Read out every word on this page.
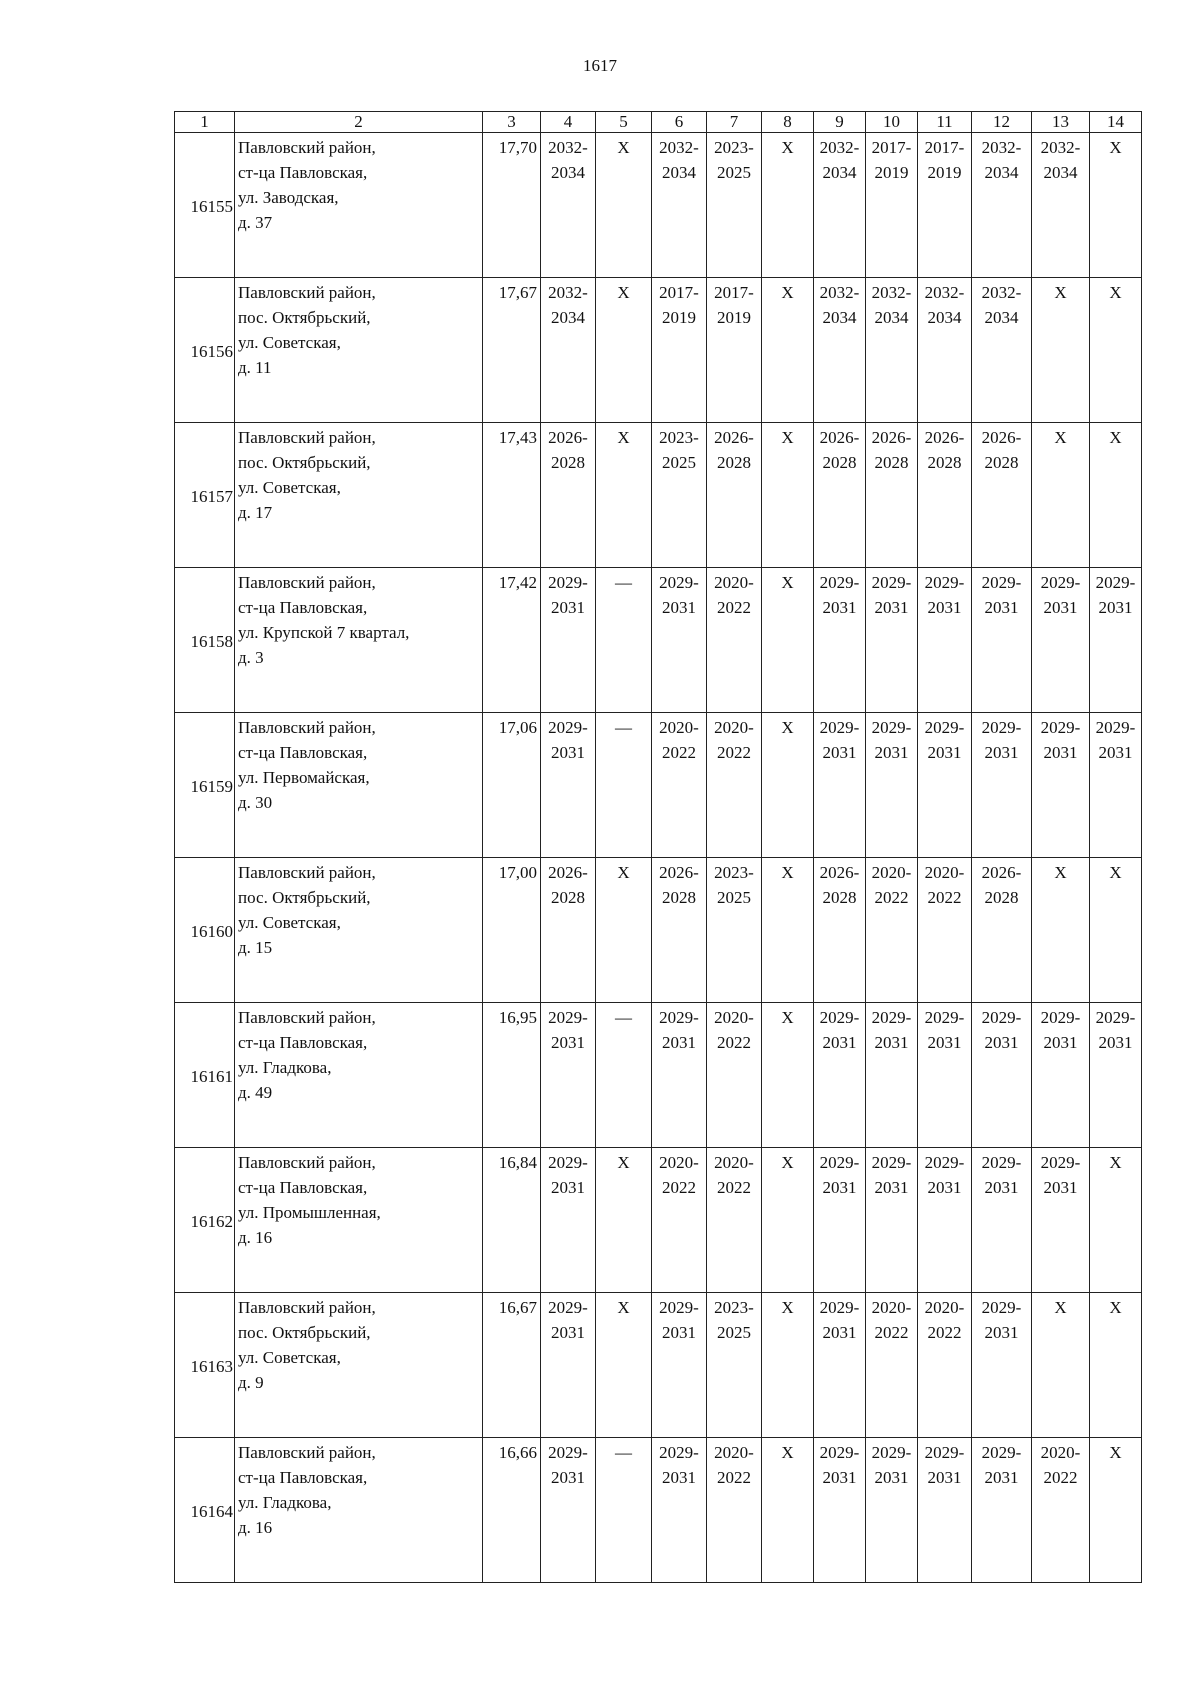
1617
1	2	3	4	5	6	7	8	9	10	11	12	13	14
16155	Павловский район,
ст-ца Павловская,
ул. Заводская,
д. 37	17,70	2032-
2034	Х	2032-
2034	2023-
2025	Х	2032-
2034	2017-
2019	2017-
2019	2032-
2034	2032-
2034	Х

16156	Павловский район,
пос. Октябрьский,
ул. Советская,
д. 11	17,67	2032-
2034	Х	2017-
2019	2017-
2019	Х	2032-
2034	2032-
2034	2032-
2034	2032-
2034	Х	Х

16157	Павловский район,
пос. Октябрьский,
ул. Советская,
д. 17	17,43	2026-
2028	Х	2023-
2025	2026-
2028	Х	2026-
2028	2026-
2028	2026-
2028	2026-
2028	Х	Х

16158	Павловский район,
ст-ца Павловская,
ул. Крупской 7 квартал,
д. 3	17,42	2029-
2031	—	2029-
2031	2020-
2022	Х	2029-
2031	2029-
2031	2029-
2031	2029-
2031	2029-
2031	2029-
2031

16159	Павловский район,
ст-ца Павловская,
ул. Первомайская,
д. 30	17,06	2029-
2031	—	2020-
2022	2020-
2022	Х	2029-
2031	2029-
2031	2029-
2031	2029-
2031	2029-
2031	2029-
2031

16160	Павловский район,
пос. Октябрьский,
ул. Советская,
д. 15	17,00	2026-
2028	Х	2026-
2028	2023-
2025	Х	2026-
2028	2020-
2022	2020-
2022	2026-
2028	Х	Х

16161	Павловский район,
ст-ца Павловская,
ул. Гладкова,
д. 49	16,95	2029-
2031	—	2029-
2031	2020-
2022	Х	2029-
2031	2029-
2031	2029-
2031	2029-
2031	2029-
2031	2029-
2031

16162	Павловский район,
ст-ца Павловская,
ул. Промышленная,
д. 16	16,84	2029-
2031	Х	2020-
2022	2020-
2022	Х	2029-
2031	2029-
2031	2029-
2031	2029-
2031	2029-
2031	Х

16163	Павловский район,
пос. Октябрьский,
ул. Советская,
д. 9	16,67	2029-
2031	Х	2029-
2031	2023-
2025	Х	2029-
2031	2020-
2022	2020-
2022	2029-
2031	Х	Х

16164	Павловский район,
ст-ца Павловская,
ул. Гладкова,
д. 16	16,66	2029-
2031	—	2029-
2031	2020-
2022	Х	2029-
2031	2029-
2031	2029-
2031	2029-
2031	2020-
2022	Х
